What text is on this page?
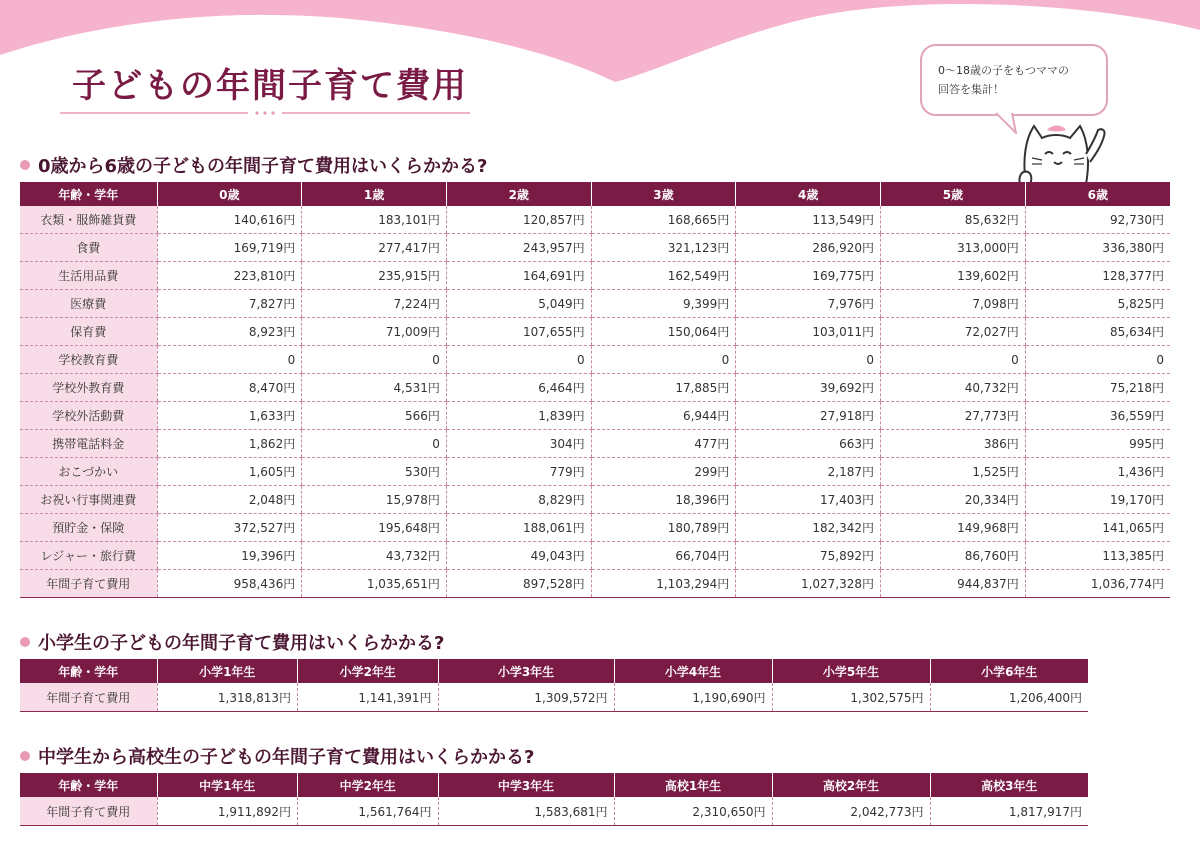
子どもの年間子育て費用	0〜18歳の子をもつママの
回答を集計！
0歳から6歳の子どもの年間子育て費用はいくらかかる?
年齢・学年	0歳	1歳	2歳	3歳	4歳	5歳	6歳
衣類・服飾雑貨費	140,616円	183,101円	120,857円	168,665円	113,549円	85,632円	92,730円
食費	169,719円	277,417円	243,957円	321,123円	286,920円	313,000円	336,380円
生活用品費	223,810円	235,915円	164,691円	162,549円	169,775円	139,602円	128,377円
医療費	7,827円	7,224円	5,049円	9,399円	7,976円	7,098円	5,825円
保育費	8,923円	71,009円	107,655円	150,064円	103,011円	72,027円	85,634円
学校教育費	0	0	0	0	0	0	0
学校外教育費	8,470円	4,531円	6,464円	17,885円	39,692円	40,732円	75,218円
学校外活動費	1,633円	566円	1,839円	6,944円	27,918円	27,773円	36,559円
携帯電話料金	1,862円	0	304円	477円	663円	386円	995円
おこづかい	1,605円	530円	779円	299円	2,187円	1,525円	1,436円
お祝い行事関連費	2,048円	15,978円	8,829円	18,396円	17,403円	20,334円	19,170円
預貯金・保険	372,527円	195,648円	188,061円	180,789円	182,342円	149,968円	141,065円
レジャー・旅行費	19,396円	43,732円	49,043円	66,704円	75,892円	86,760円	113,385円
年間子育て費用	958,436円	1,035,651円	897,528円	1,103,294円	1,027,328円	944,837円	1,036,774円
小学生の子どもの年間子育て費用はいくらかかる?
年齢・学年	小学1年生	小学2年生	小学3年生	小学4年生	小学5年生	小学6年生
年間子育て費用	1,318,813円	1,141,391円	1,309,572円	1,190,690円	1,302,575円	1,206,400円
中学生から高校生の子どもの年間子育て費用はいくらかかる?
年齢・学年	中学1年生	中学2年生	中学3年生	高校1年生	高校2年生	高校3年生
年間子育て費用	1,911,892円	1,561,764円	1,583,681円	2,310,650円	2,042,773円	1,817,917円
